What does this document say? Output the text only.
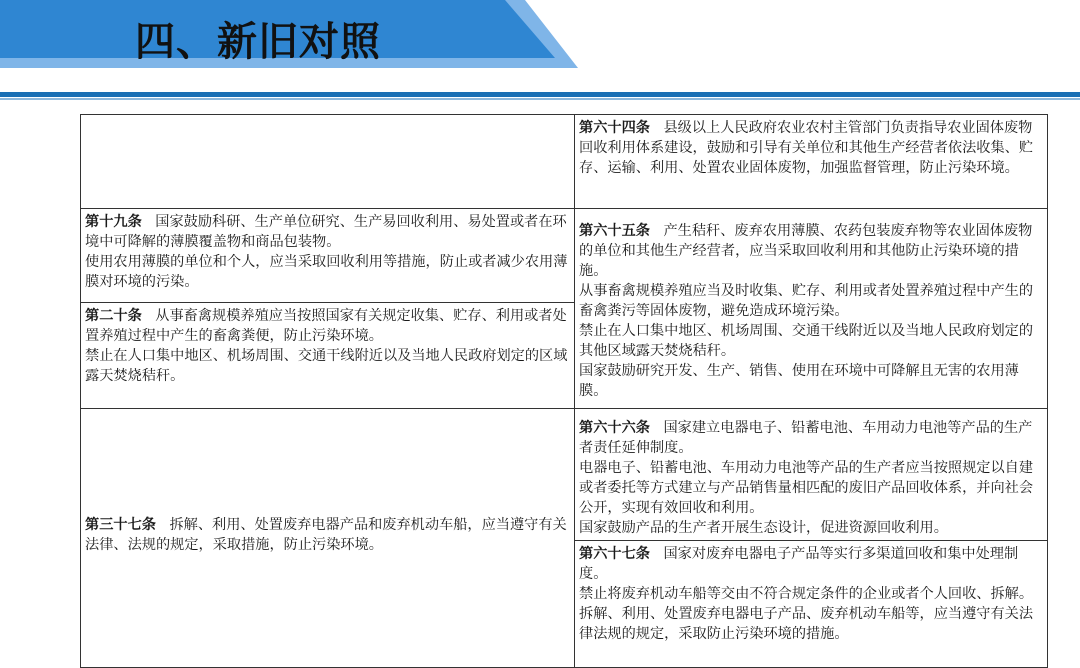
四、新旧对照

第十九条 国家鼓励科研、生产单位研究、生产易回收利用、易处置或者在环境中可降解的薄膜覆盖物和商品包装物。

使用农用薄膜的单位和个人，应当采取回收利用等措施，防止或者减少农用薄膜对环境的污染。

第二十条 从事畜禽规模养殖应当按照国家有关规定收集、贮存、利用或者处置养殖过程中产生的畜禽粪便，防止污染环境。

禁止在人口集中地区、机场周围、交通干线附近以及当地人民政府划定的区域露天焚烧秸秆。

第三十七条 拆解、利用、处置废弃电器产品和废弃机动车船，应当遵守有关法律、法规的规定，采取措施，防止污染环境。

第六十四条 县级以上人民政府农业农村主管部门负责指导农业固体废物回收利用体系建设，鼓励和引导有关单位和其他生产经营者依法收集、贮存、运输、利用、处置农业固体废物，加强监督管理，防止污染环境。

第六十五条 产生秸秆、废弃农用薄膜、农药包装废弃物等农业固体废物的单位和其他生产经营者，应当采取回收利用和其他防止污染环境的措施。

从事畜禽规模养殖应当及时收集、贮存、利用或者处置养殖过程中产生的畜禽粪污等固体废物，避免造成环境污染。

禁止在人口集中地区、机场周围、交通干线附近以及当地人民政府划定的其他区域露天焚烧秸秆。

国家鼓励研究开发、生产、销售、使用在环境中可降解且无害的农用薄膜。

第六十六条 国家建立电器电子、铅蓄电池、车用动力电池等产品的生产者责任延伸制度。

电器电子、铅蓄电池、车用动力电池等产品的生产者应当按照规定以自建或者委托等方式建立与产品销售量相匹配的废旧产品回收体系，并向社会公开，实现有效回收和利用。

国家鼓励产品的生产者开展生态设计，促进资源回收利用。

第六十七条 国家对废弃电器电子产品等实行多渠道回收和集中处理制度。

禁止将废弃机动车船等交由不符合规定条件的企业或者个人回收、拆解。

拆解、利用、处置废弃电器电子产品、废弃机动车船等，应当遵守有关法律法规的规定，采取防止污染环境的措施。
